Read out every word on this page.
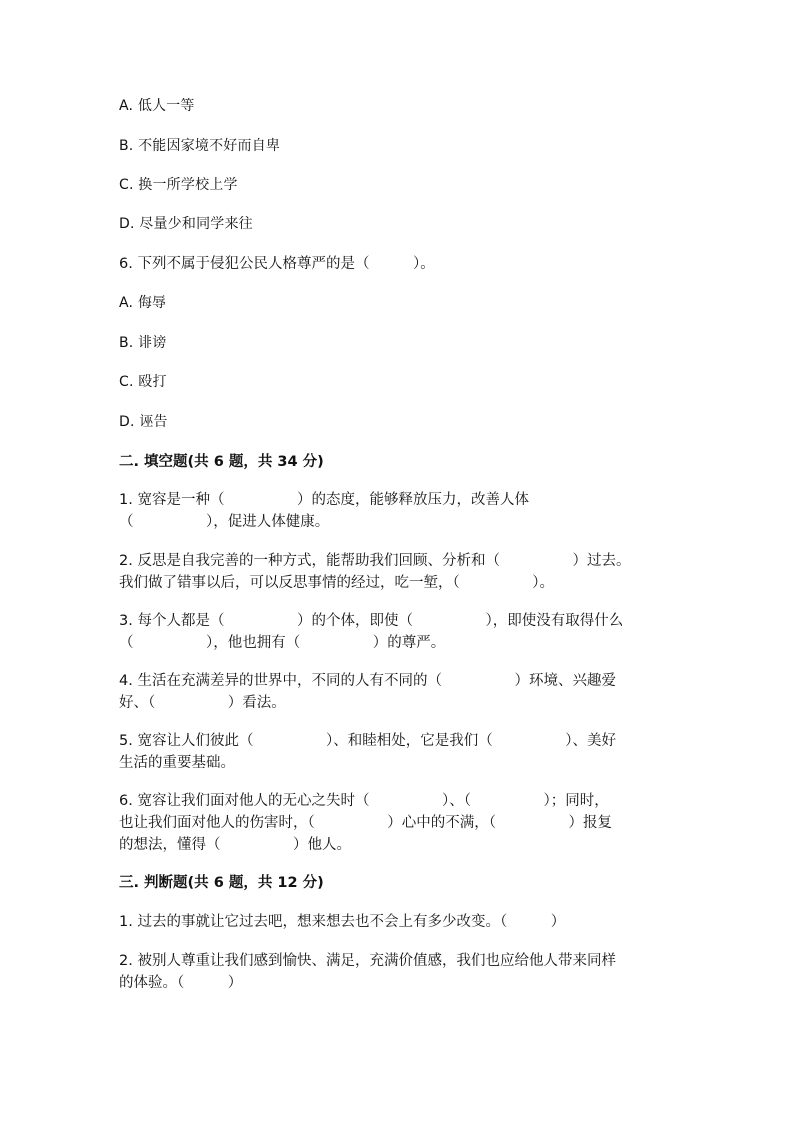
A. 低人一等
B. 不能因家境不好而自卑
C. 换一所学校上学
D. 尽量少和同学来往
6. 下列不属于侵犯公民人格尊严的是（　　　）。
A. 侮辱
B. 诽谤
C. 殴打
D. 诬告
二. 填空题(共 6 题，共 34 分)
1. 宽容是一种（　　　　　）的态度，能够释放压力，改善人体
（　　　　　），促进人体健康。
2. 反思是自我完善的一种方式，能帮助我们回顾、分析和（　　　　　）过去。
我们做了错事以后，可以反思事情的经过，吃一堑，（　　　　　）。
3. 每个人都是（　　　　　）的个体，即使（　　　　　），即使没有取得什么
（　　　　　），他也拥有（　　　　　）的尊严。
4. 生活在充满差异的世界中，不同的人有不同的（　　　　　）环境、兴趣爱
好、（　　　　　）看法。
5. 宽容让人们彼此（　　　　　）、和睦相处，它是我们（　　　　　）、美好
生活的重要基础。
6. 宽容让我们面对他人的无心之失时（　　　　　）、（　　　　　）；同时，
也让我们面对他人的伤害时，（　　　　　）心中的不满，（　　　　　）报复
的想法，懂得（　　　　　）他人。
三. 判断题(共 6 题，共 12 分)
1. 过去的事就让它过去吧，想来想去也不会上有多少改变。（　　　）
2. 被别人尊重让我们感到愉快、满足，充满价值感，我们也应给他人带来同样
的体验。（　　　）
